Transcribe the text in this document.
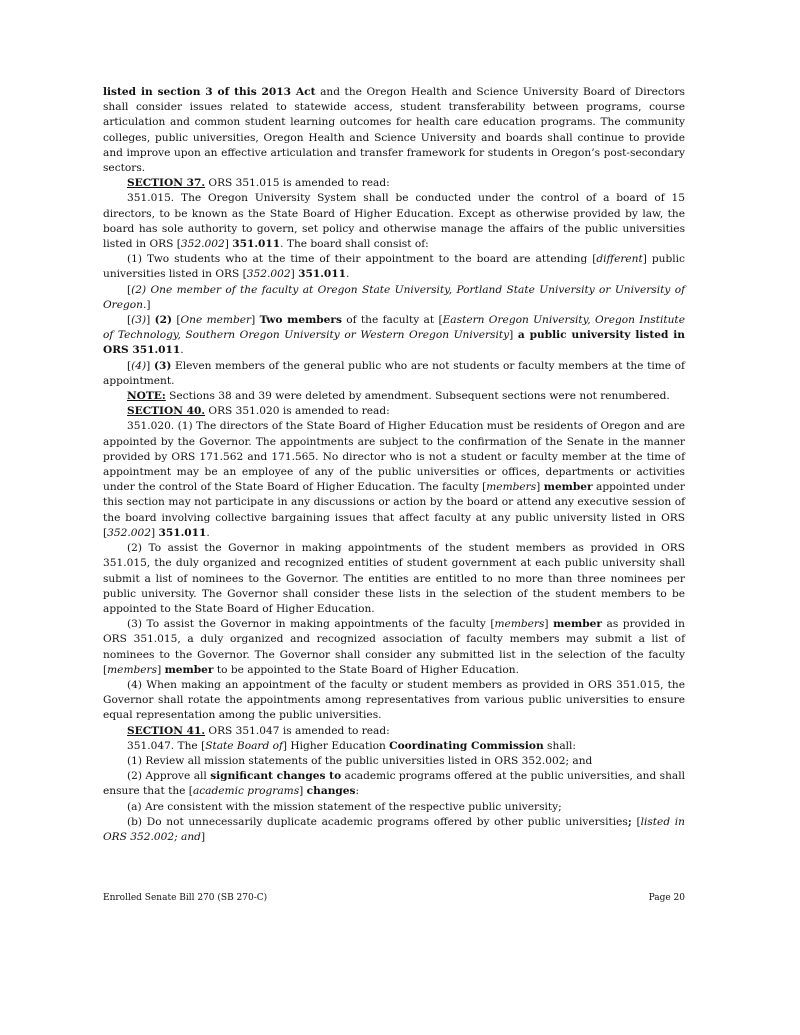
listed in section 3 of this 2013 Act and the Oregon Health and Science University Board of Directors shall consider issues related to statewide access, student transferability between programs, course articulation and common student learning outcomes for health care education programs. The community colleges, public universities, Oregon Health and Science University and boards shall continue to provide and improve upon an effective articulation and transfer framework for students in Oregon’s post-secondary sectors.

SECTION 37. ORS 351.015 is amended to read:

351.015. The Oregon University System shall be conducted under the control of a board of 15 directors, to be known as the State Board of Higher Education. Except as otherwise provided by law, the board has sole authority to govern, set policy and otherwise manage the affairs of the public universities listed in ORS [352.002] 351.011. The board shall consist of:

(1) Two students who at the time of their appointment to the board are attending [different] public universities listed in ORS [352.002] 351.011.

[(2) One member of the faculty at Oregon State University, Portland State University or University of Oregon.]

[(3)] (2) [One member] Two members of the faculty at [Eastern Oregon University, Oregon Institute of Technology, Southern Oregon University or Western Oregon University] a public university listed in ORS 351.011.

[(4)] (3) Eleven members of the general public who are not students or faculty members at the time of appointment.

NOTE: Sections 38 and 39 were deleted by amendment. Subsequent sections were not renumbered.

SECTION 40. ORS 351.020 is amended to read:

351.020. (1) The directors of the State Board of Higher Education must be residents of Oregon and are appointed by the Governor. The appointments are subject to the confirmation of the Senate in the manner provided by ORS 171.562 and 171.565. No director who is not a student or faculty member at the time of appointment may be an employee of any of the public universities or offices, departments or activities under the control of the State Board of Higher Education. The faculty [members] member appointed under this section may not participate in any discussions or action by the board or attend any executive session of the board involving collective bargaining issues that affect faculty at any public university listed in ORS [352.002] 351.011.

(2) To assist the Governor in making appointments of the student members as provided in ORS 351.015, the duly organized and recognized entities of student government at each public university shall submit a list of nominees to the Governor. The entities are entitled to no more than three nominees per public university. The Governor shall consider these lists in the selection of the student members to be appointed to the State Board of Higher Education.

(3) To assist the Governor in making appointments of the faculty [members] member as provided in ORS 351.015, a duly organized and recognized association of faculty members may submit a list of nominees to the Governor. The Governor shall consider any submitted list in the selection of the faculty [members] member to be appointed to the State Board of Higher Education.

(4) When making an appointment of the faculty or student members as provided in ORS 351.015, the Governor shall rotate the appointments among representatives from various public universities to ensure equal representation among the public universities.

SECTION 41. ORS 351.047 is amended to read:

351.047. The [State Board of] Higher Education Coordinating Commission shall:

(1) Review all mission statements of the public universities listed in ORS 352.002; and

(2) Approve all significant changes to academic programs offered at the public universities, and shall ensure that the [academic programs] changes:

(a) Are consistent with the mission statement of the respective public university;

(b) Do not unnecessarily duplicate academic programs offered by other public universities; [listed in ORS 352.002; and]

Enrolled Senate Bill 270 (SB 270-C)	Page 20
